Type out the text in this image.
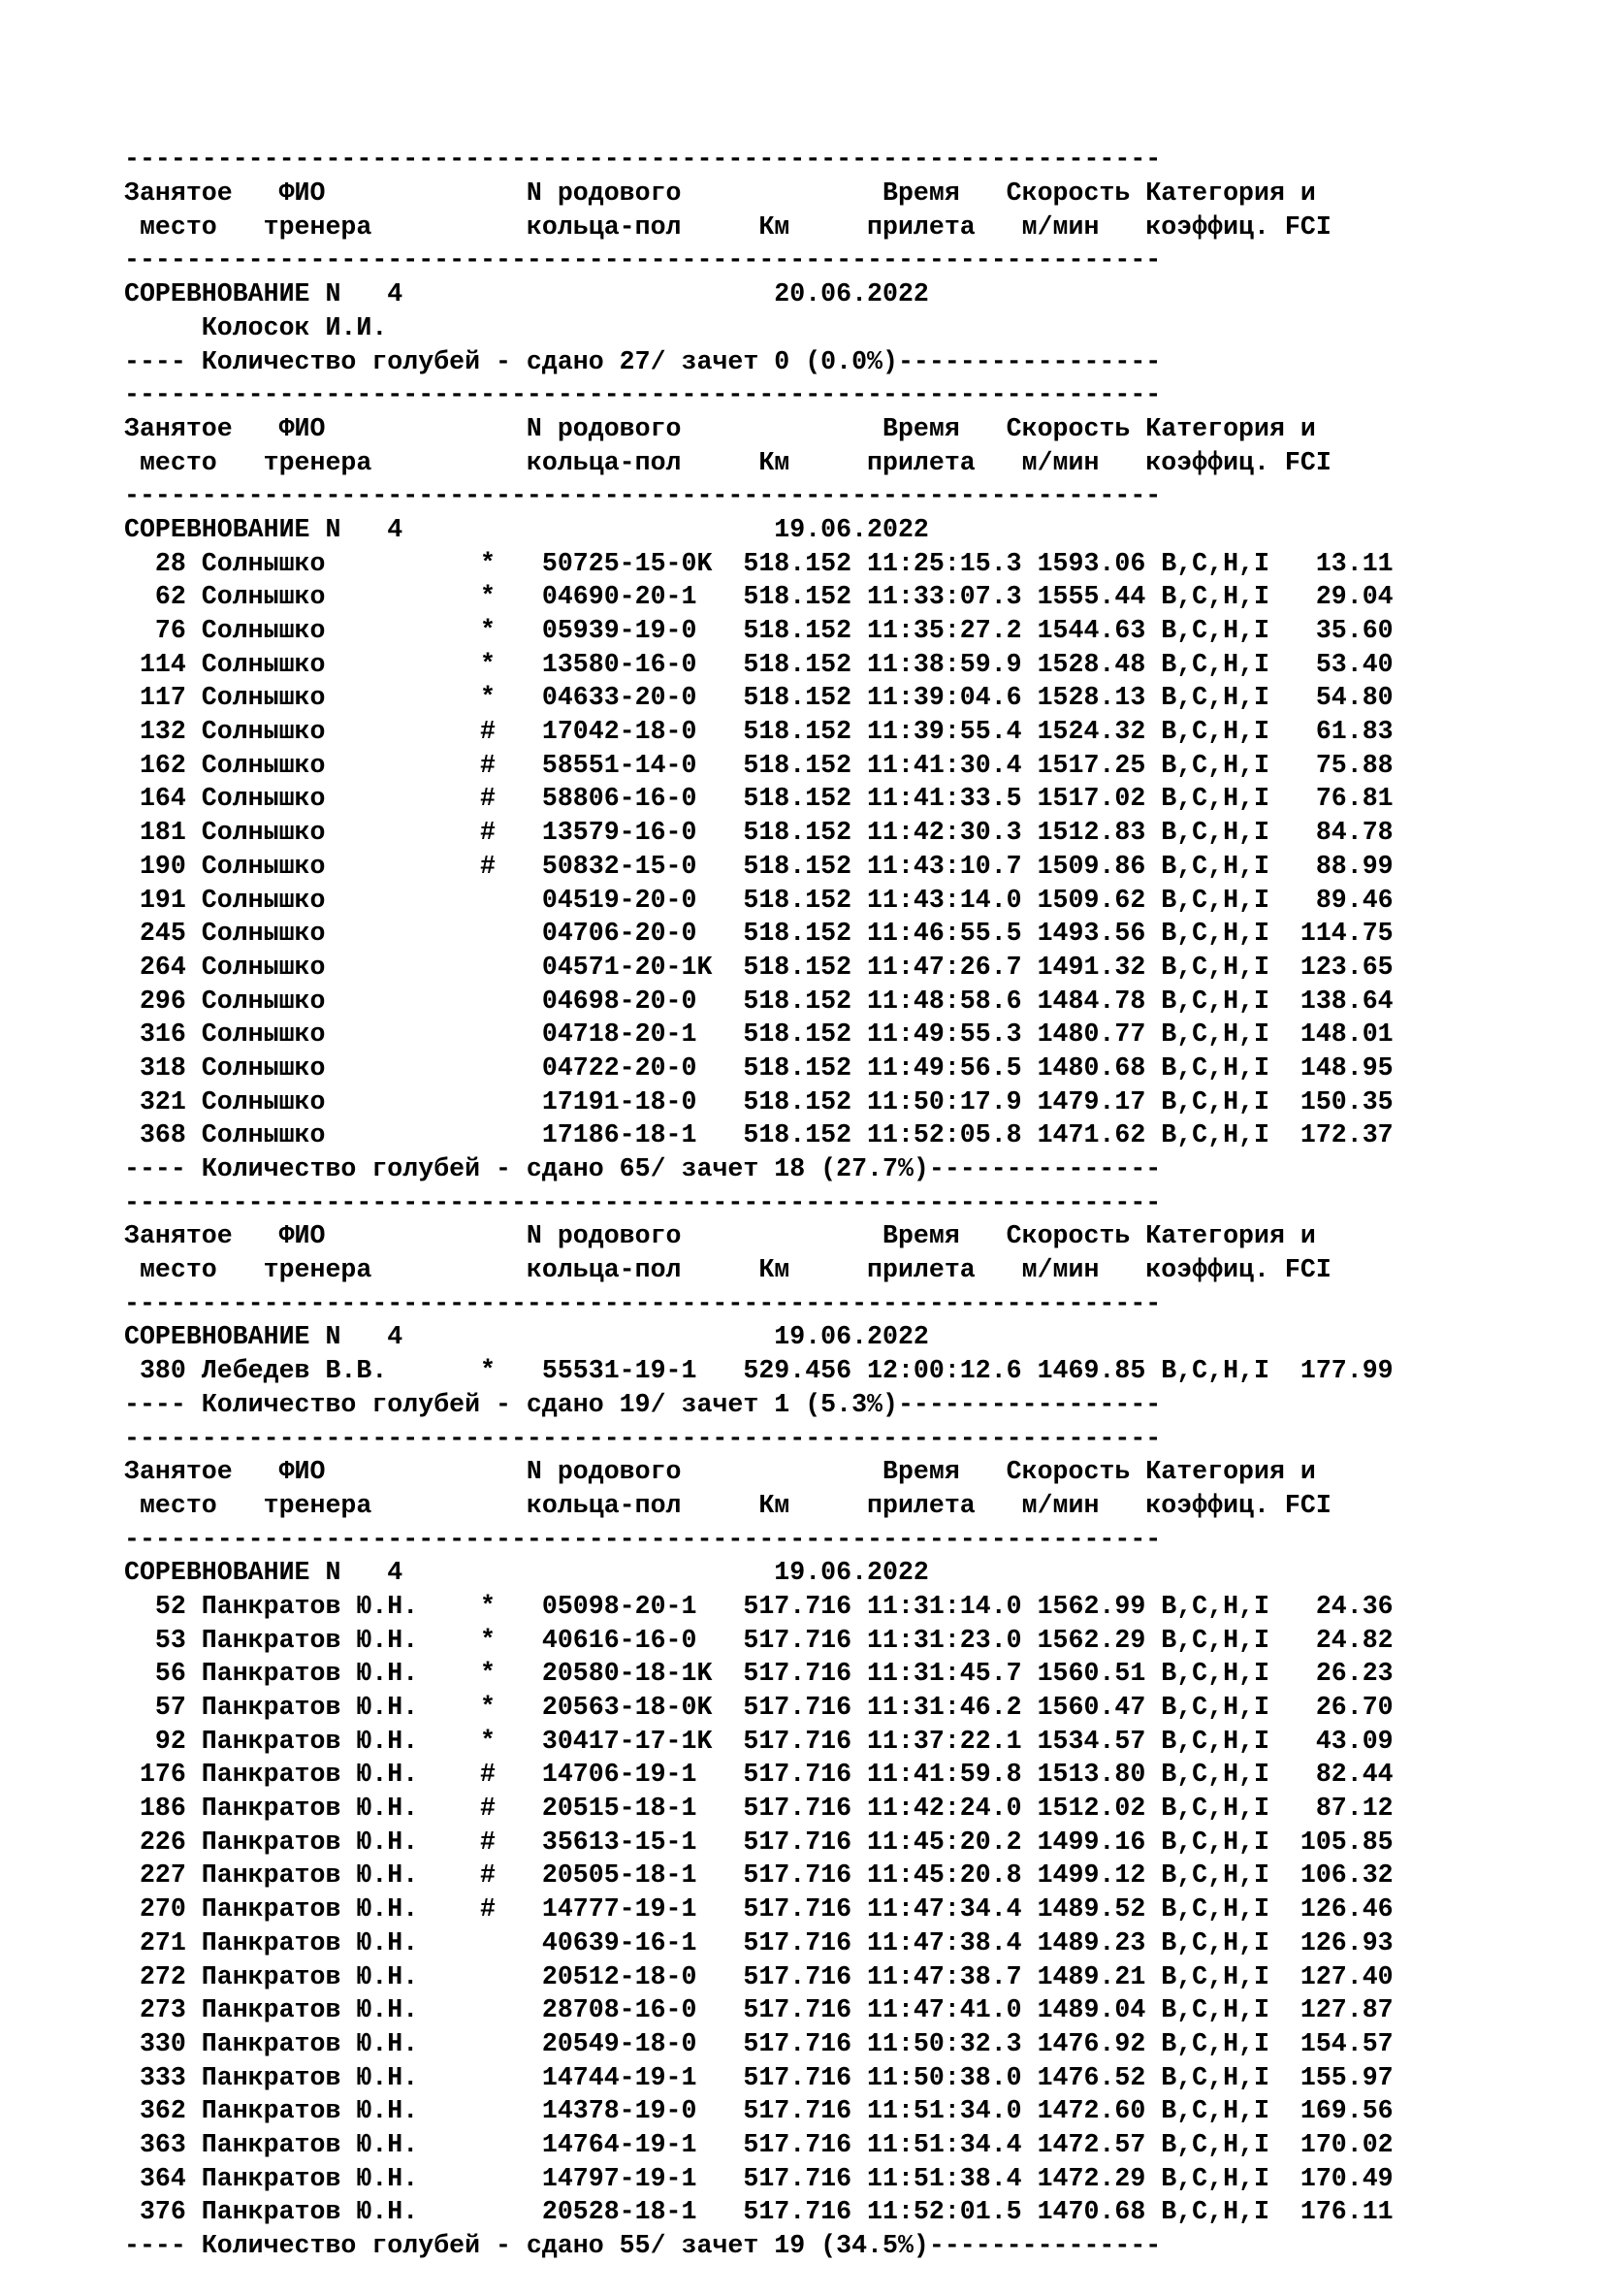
-------------------------------------------------------------------
Занятое   ФИО             N родового             Время   Скорость Категория и
место   тренера          кольца-пол     Км     прилета   м/мин   коэффиц. FCI
-------------------------------------------------------------------
СОРЕВНОВАНИЕ N   4                        20.06.2022
Колосок И.И.
---- Количество голубей - сдано 27/ зачет 0 (0.0%)-----------------
-------------------------------------------------------------------
Занятое   ФИО             N родового             Время   Скорость Категория и
место   тренера          кольца-пол     Км     прилета   м/мин   коэффиц. FCI
-------------------------------------------------------------------
СОРЕВНОВАНИЕ N   4                        19.06.2022
28 Солнышко          *   50725-15-0K  518.152 11:25:15.3 1593.06 B,C,H,I   13.11
62 Солнышко          *   04690-20-1   518.152 11:33:07.3 1555.44 B,C,H,I   29.04
76 Солнышко          *   05939-19-0   518.152 11:35:27.2 1544.63 B,C,H,I   35.60
114 Солнышко          *   13580-16-0   518.152 11:38:59.9 1528.48 B,C,H,I   53.40
117 Солнышко          *   04633-20-0   518.152 11:39:04.6 1528.13 B,C,H,I   54.80
132 Солнышко          #   17042-18-0   518.152 11:39:55.4 1524.32 B,C,H,I   61.83
162 Солнышко          #   58551-14-0   518.152 11:41:30.4 1517.25 B,C,H,I   75.88
164 Солнышко          #   58806-16-0   518.152 11:41:33.5 1517.02 B,C,H,I   76.81
181 Солнышко          #   13579-16-0   518.152 11:42:30.3 1512.83 B,C,H,I   84.78
190 Солнышко          #   50832-15-0   518.152 11:43:10.7 1509.86 B,C,H,I   88.99
191 Солнышко              04519-20-0   518.152 11:43:14.0 1509.62 B,C,H,I   89.46
245 Солнышко              04706-20-0   518.152 11:46:55.5 1493.56 B,C,H,I  114.75
264 Солнышко              04571-20-1K  518.152 11:47:26.7 1491.32 B,C,H,I  123.65
296 Солнышко              04698-20-0   518.152 11:48:58.6 1484.78 B,C,H,I  138.64
316 Солнышко              04718-20-1   518.152 11:49:55.3 1480.77 B,C,H,I  148.01
318 Солнышко              04722-20-0   518.152 11:49:56.5 1480.68 B,C,H,I  148.95
321 Солнышко              17191-18-0   518.152 11:50:17.9 1479.17 B,C,H,I  150.35
368 Солнышко              17186-18-1   518.152 11:52:05.8 1471.62 B,C,H,I  172.37
---- Количество голубей - сдано 65/ зачет 18 (27.7%)---------------
-------------------------------------------------------------------
Занятое   ФИО             N родового             Время   Скорость Категория и
место   тренера          кольца-пол     Км     прилета   м/мин   коэффиц. FCI
-------------------------------------------------------------------
СОРЕВНОВАНИЕ N   4                        19.06.2022
380 Лебедев В.В.      *   55531-19-1   529.456 12:00:12.6 1469.85 B,C,H,I  177.99
---- Количество голубей - сдано 19/ зачет 1 (5.3%)-----------------
-------------------------------------------------------------------
Занятое   ФИО             N родового             Время   Скорость Категория и
место   тренера          кольца-пол     Км     прилета   м/мин   коэффиц. FCI
-------------------------------------------------------------------
СОРЕВНОВАНИЕ N   4                        19.06.2022
52 Панкратов Ю.Н.    *   05098-20-1   517.716 11:31:14.0 1562.99 B,C,H,I   24.36
53 Панкратов Ю.Н.    *   40616-16-0   517.716 11:31:23.0 1562.29 B,C,H,I   24.82
56 Панкратов Ю.Н.    *   20580-18-1K  517.716 11:31:45.7 1560.51 B,C,H,I   26.23
57 Панкратов Ю.Н.    *   20563-18-0K  517.716 11:31:46.2 1560.47 B,C,H,I   26.70
92 Панкратов Ю.Н.    *   30417-17-1K  517.716 11:37:22.1 1534.57 B,C,H,I   43.09
176 Панкратов Ю.Н.    #   14706-19-1   517.716 11:41:59.8 1513.80 B,C,H,I   82.44
186 Панкратов Ю.Н.    #   20515-18-1   517.716 11:42:24.0 1512.02 B,C,H,I   87.12
226 Панкратов Ю.Н.    #   35613-15-1   517.716 11:45:20.2 1499.16 B,C,H,I  105.85
227 Панкратов Ю.Н.    #   20505-18-1   517.716 11:45:20.8 1499.12 B,C,H,I  106.32
270 Панкратов Ю.Н.    #   14777-19-1   517.716 11:47:34.4 1489.52 B,C,H,I  126.46
271 Панкратов Ю.Н.        40639-16-1   517.716 11:47:38.4 1489.23 B,C,H,I  126.93
272 Панкратов Ю.Н.        20512-18-0   517.716 11:47:38.7 1489.21 B,C,H,I  127.40
273 Панкратов Ю.Н.        28708-16-0   517.716 11:47:41.0 1489.04 B,C,H,I  127.87
330 Панкратов Ю.Н.        20549-18-0   517.716 11:50:32.3 1476.92 B,C,H,I  154.57
333 Панкратов Ю.Н.        14744-19-1   517.716 11:50:38.0 1476.52 B,C,H,I  155.97
362 Панкратов Ю.Н.        14378-19-0   517.716 11:51:34.0 1472.60 B,C,H,I  169.56
363 Панкратов Ю.Н.        14764-19-1   517.716 11:51:34.4 1472.57 B,C,H,I  170.02
364 Панкратов Ю.Н.        14797-19-1   517.716 11:51:38.4 1472.29 B,C,H,I  170.49
376 Панкратов Ю.Н.        20528-18-1   517.716 11:52:01.5 1470.68 B,C,H,I  176.11
---- Количество голубей - сдано 55/ зачет 19 (34.5%)---------------
